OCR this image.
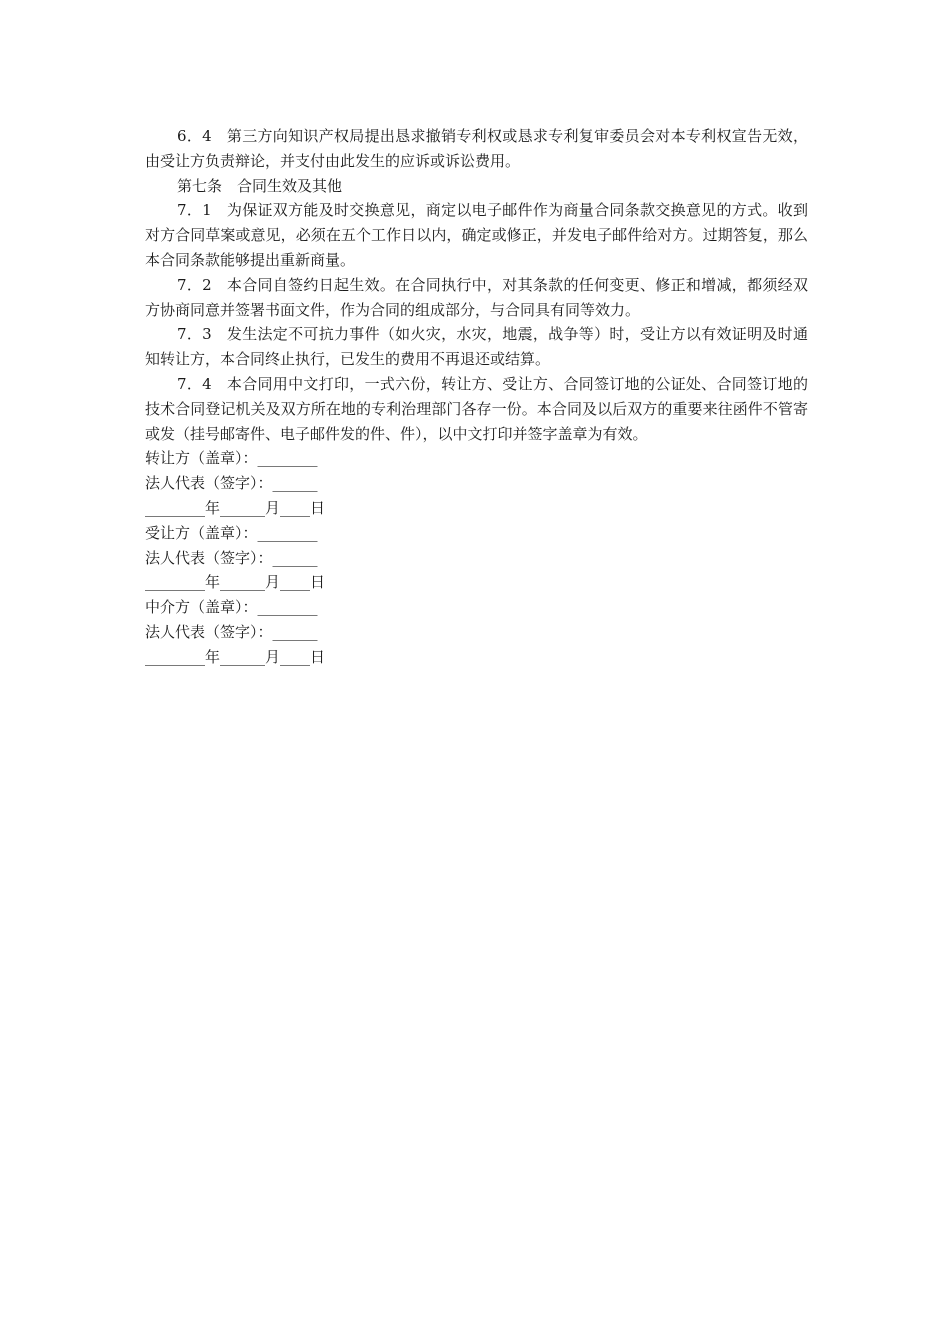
6．4 第三方向知识产权局提出恳求撤销专利权或恳求专利复审委员会对本专利权宣告无效，由受让方负责辩论，并支付由此发生的应诉或诉讼费用。

第七条　合同生效及其他

7．1 为保证双方能及时交换意见，商定以电子邮件作为商量合同条款交换意见的方式。收到对方合同草案或意见，必须在五个工作日以内，确定或修正，并发电子邮件给对方。过期答复，那么本合同条款能够提出重新商量。

7．2 本合同自签约日起生效。在合同执行中，对其条款的任何变更、修正和增减，都须经双方协商同意并签署书面文件，作为合同的组成部分，与合同具有同等效力。

7．3 发生法定不可抗力事件（如火灾，水灾，地震，战争等）时，受让方以有效证明及时通知转让方，本合同终止执行，已发生的费用不再退还或结算。

7．4 本合同用中文打印，一式六份，转让方、受让方、合同签订地的公证处、合同签订地的技术合同登记机关及双方所在地的专利治理部门各存一份。本合同及以后双方的重要来往函件不管寄或发（挂号邮寄件、电子邮件发的件、件），以中文打印并签字盖章为有效。

转让方（盖章）：________

法人代表（签字）：______

________年______月____日

受让方（盖章）：________

法人代表（签字）：______

________年______月____日

中介方（盖章）：________

法人代表（签字）：______

________年______月____日
